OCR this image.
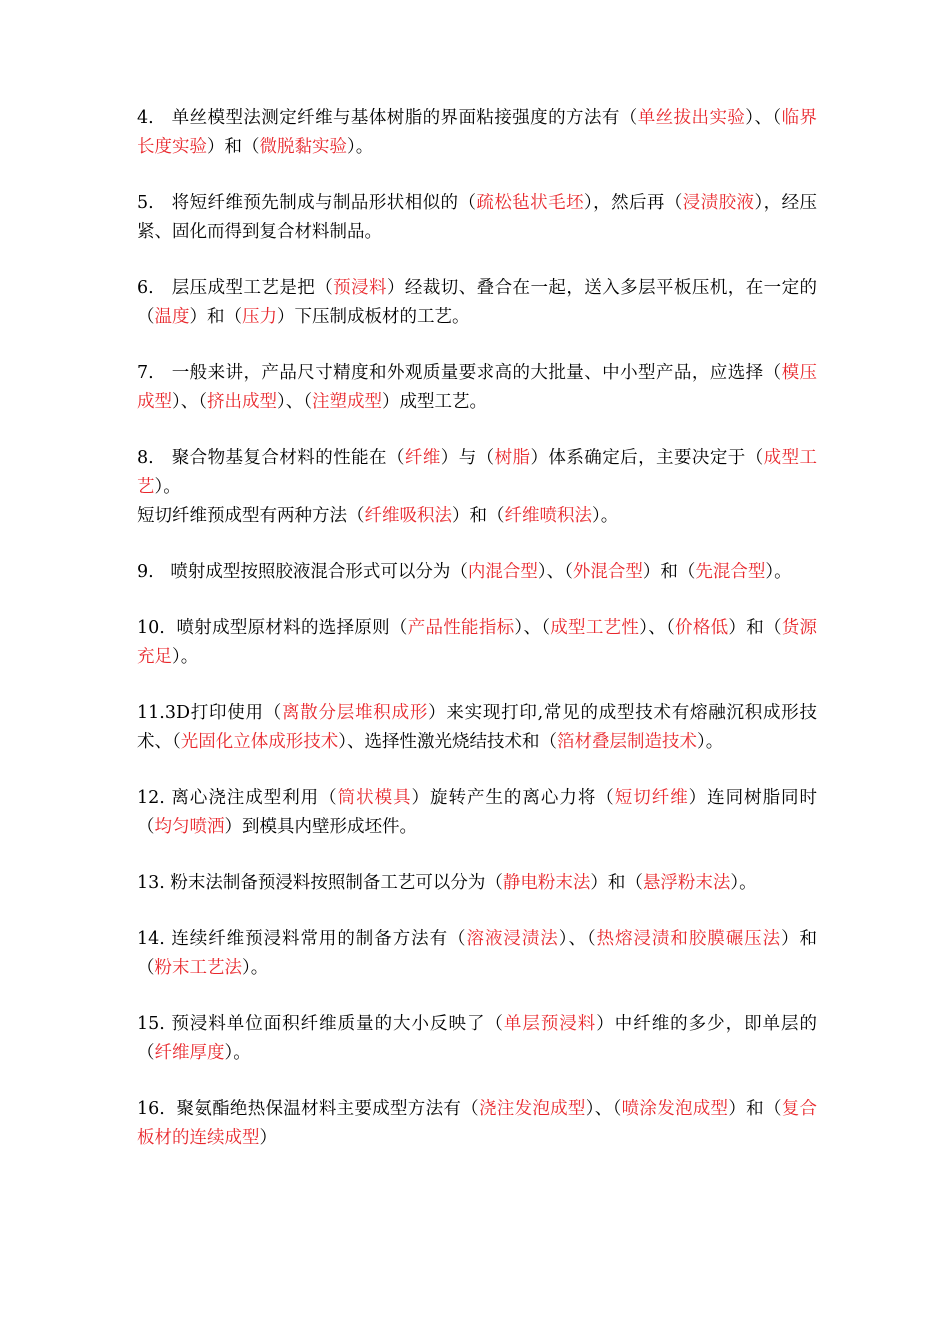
4.   单丝模型法测定纤维与基体树脂的界面粘接强度的方法有（单丝拔出实验）、（临界长度实验）和（微脱黏实验）。

5.   将短纤维预先制成与制品形状相似的（疏松毡状毛坯），然后再（浸渍胶液），经压紧、固化而得到复合材料制品。

6.   层压成型工艺是把（预浸料）经裁切、叠合在一起，送入多层平板压机，在一定的（温度）和（压力）下压制成板材的工艺。

7.   一般来讲，产品尺寸精度和外观质量要求高的大批量、中小型产品，应选择（模压成型）、（挤出成型）、（注塑成型）成型工艺。

8.   聚合物基复合材料的性能在（纤维）与（树脂）体系确定后，主要决定于（成型工艺）。

短切纤维预成型有两种方法（纤维吸积法）和（纤维喷积法）。

9.   喷射成型按照胶液混合形式可以分为（内混合型）、（外混合型）和（先混合型）。

10.  喷射成型原材料的选择原则（产品性能指标）、（成型工艺性）、（价格低）和（货源充足）。

11.3D打印使用（离散分层堆积成形）来实现打印,常见的成型技术有熔融沉积成形技术、（光固化立体成形技术）、选择性激光烧结技术和（箔材叠层制造技术）。

12. 离心浇注成型利用（筒状模具）旋转产生的离心力将（短切纤维）连同树脂同时（均匀喷洒）到模具内壁形成坯件。

13. 粉末法制备预浸料按照制备工艺可以分为（静电粉末法）和（悬浮粉末法）。

14. 连续纤维预浸料常用的制备方法有（溶液浸渍法）、（热熔浸渍和胶膜碾压法）和（粉末工艺法）。

15. 预浸料单位面积纤维质量的大小反映了（单层预浸料）中纤维的多少，即单层的（纤维厚度）。

16.  聚氨酯绝热保温材料主要成型方法有（浇注发泡成型）、（喷涂发泡成型）和（复合板材的连续成型）
